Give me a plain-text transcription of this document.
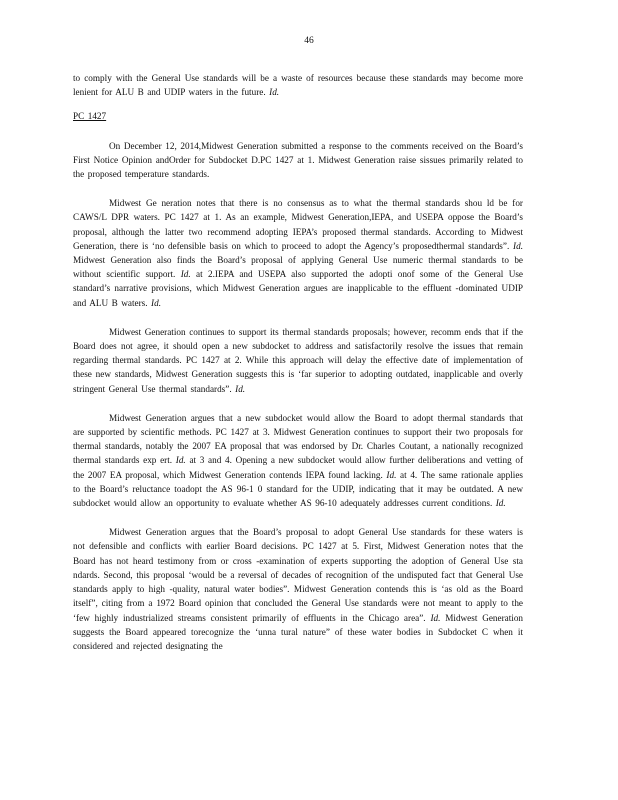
46

to comply with the General Use standards will be a waste of resources because these standards may become more lenient for ALU B and UDIP waters in the future. Id.

PC 1427

On December 12, 2014,Midwest Generation submitted a response to the comments received on the Board’s First Notice Opinion andOrder for Subdocket D.PC 1427 at 1. Midwest Generation raise sissues primarily related to the proposed temperature standards.

Midwest Ge neration notes that there is no consensus as to what the thermal standards shou ld be for CAWS/L DPR waters. PC 1427 at 1. As an example, Midwest Generation,IEPA, and USEPA oppose the Board’s proposal, although the latter two recommend adopting IEPA’s proposed thermal standards. According to Midwest Generation, there is ‘no defensible basis on which to proceed to adopt the Agency’s proposedthermal standards”. Id. Midwest Generation also finds the Board’s proposal of applying General Use numeric thermal standards to be without scientific support. Id. at 2.IEPA and USEPA also supported the adopti onof some of the General Use standard’s narrative provisions, which Midwest Generation argues are inapplicable to the effluent -dominated UDIP and ALU B waters. Id.

Midwest Generation continues to support its thermal standards proposals; however, recomm ends that if the Board does not agree, it should open a new subdocket to address and satisfactorily resolve the issues that remain regarding thermal standards. PC 1427 at 2. While this approach will delay the effective date of implementation of these new standards, Midwest Generation suggests this is ‘far superior to adopting outdated, inapplicable and overly stringent General Use thermal standards”. Id.

Midwest Generation argues that a new subdocket would allow the Board to adopt thermal standards that are supported by scientific methods. PC 1427 at 3. Midwest Generation continues to support their two proposals for thermal standards, notably the 2007 EA proposal that was endorsed by Dr. Charles Coutant, a nationally recognized thermal standards exp ert. Id. at 3 and 4. Opening a new subdocket would allow further deliberations and vetting of the 2007 EA proposal, which Midwest Generation contends IEPA found lacking. Id. at 4. The same rationale applies to the Board’s reluctance toadopt the AS 96-1 0 standard for the UDIP, indicating that it may be outdated. A new subdocket would allow an opportunity to evaluate whether AS 96-10 adequately addresses current conditions. Id.

Midwest Generation argues that the Board’s proposal to adopt General Use standards for these waters is not defensible and conflicts with earlier Board decisions. PC 1427 at 5. First, Midwest Generation notes that the Board has not heard testimony from or cross -examination of experts supporting the adoption of General Use sta ndards. Second, this proposal ‘would be a reversal of decades of recognition of the undisputed fact that General Use standards apply to high -quality, natural water bodies”. Midwest Generation contends this is ‘as old as the Board itself”, citing from a 1972 Board opinion that concluded the General Use standards were not meant to apply to the ‘few highly industrialized streams consistent primarily of effluents in the Chicago area”. Id. Midwest Generation suggests the Board appeared torecognize the ‘unna tural nature” of these water bodies in Subdocket C when it considered and rejected designating the
